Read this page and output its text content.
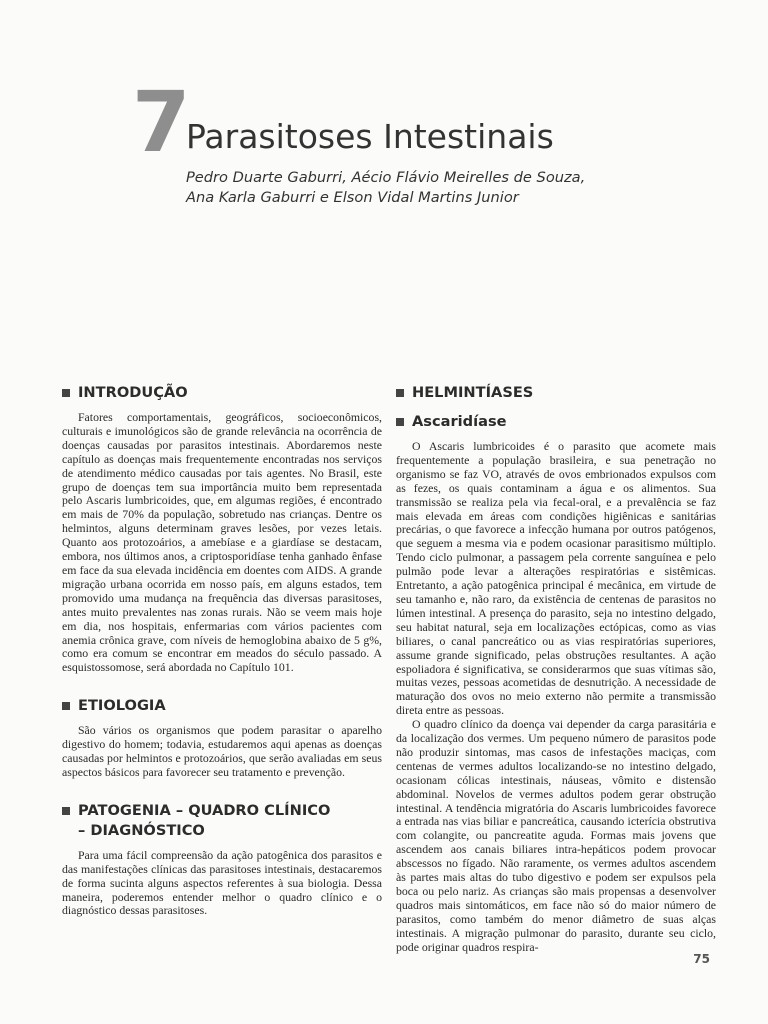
7
Parasitoses Intestinais
Pedro Duarte Gaburri, Aécio Flávio Meirelles de Souza,
Ana Karla Gaburri e Elson Vidal Martins Junior
INTRODUÇÃO

Fatores comportamentais, geográficos, socioeconômicos, culturais e imunológicos são de grande relevância na ocorrência de doenças causadas por parasitos intestinais. Abordaremos neste capítulo as doenças mais frequentemente encontradas nos serviços de atendimento médico causadas por tais agentes. No Brasil, este grupo de doenças tem sua importância muito bem representada pelo Ascaris lumbricoides, que, em algumas regiões, é encontrado em mais de 70% da população, sobretudo nas crianças. Dentre os helmintos, alguns determinam graves lesões, por vezes letais. Quanto aos protozoários, a amebíase e a giardíase se destacam, embora, nos últimos anos, a criptosporidíase tenha ganhado ênfase em face da sua elevada incidência em doentes com AIDS. A grande migração urbana ocorrida em nosso país, em alguns estados, tem promovido uma mudança na frequência das diversas parasitoses, antes muito prevalentes nas zonas rurais. Não se veem mais hoje em dia, nos hospitais, enfermarias com vários pacientes com anemia crônica grave, com níveis de hemoglobina abaixo de 5 g%, como era comum se encontrar em meados do século passado. A esquistossomose, será abordada no Capítulo 101.

ETIOLOGIA

São vários os organismos que podem parasitar o aparelho digestivo do homem; todavia, estudaremos aqui apenas as doenças causadas por helmintos e protozoários, que serão avaliadas em seus aspectos básicos para favorecer seu tratamento e prevenção.

PATOGENIA – QUADRO CLÍNICO
– DIAGNÓSTICO

Para uma fácil compreensão da ação patogênica dos parasitos e das manifestações clínicas das parasitoses intestinais, destacaremos de forma sucinta alguns aspectos referentes à sua biologia. Dessa maneira, poderemos entender melhor o quadro clínico e o diagnóstico dessas parasitoses.

HELMINTÍASES
Ascaridíase

O Ascaris lumbricoides é o parasito que acomete mais frequentemente a população brasileira, e sua penetração no organismo se faz VO, através de ovos embrionados expulsos com as fezes, os quais contaminam a água e os alimentos. Sua transmissão se realiza pela via fecal-oral, e a prevalência se faz mais elevada em áreas com condições higiênicas e sanitárias precárias, o que favorece a infecção humana por outros patógenos, que seguem a mesma via e podem ocasionar parasitismo múltiplo. Tendo ciclo pulmonar, a passagem pela corrente sanguínea e pelo pulmão pode levar a alterações respiratórias e sistêmicas. Entretanto, a ação patogênica principal é mecânica, em virtude de seu tamanho e, não raro, da existência de centenas de parasitos no lúmen intestinal. A presença do parasito, seja no intestino delgado, seu habitat natural, seja em localizações ectópicas, como as vias biliares, o canal pancreático ou as vias respiratórias superiores, assume grande significado, pelas obstruções resultantes. A ação espoliadora é significativa, se considerarmos que suas vítimas são, muitas vezes, pessoas acometidas de desnutrição. A necessidade de maturação dos ovos no meio externo não permite a transmissão direta entre as pessoas.

O quadro clínico da doença vai depender da carga parasitária e da localização dos vermes. Um pequeno número de parasitos pode não produzir sintomas, mas casos de infestações maciças, com centenas de vermes adultos localizando-se no intestino delgado, ocasionam cólicas intestinais, náuseas, vômito e distensão abdominal. Novelos de vermes adultos podem gerar obstrução intestinal. A tendência migratória do Ascaris lumbricoides favorece a entrada nas vias biliar e pancreática, causando icterícia obstrutiva com colangite, ou pancreatite aguda. Formas mais jovens que ascendem aos canais biliares intra-hepáticos podem provocar abscessos no fígado. Não raramente, os vermes adultos ascendem às partes mais altas do tubo digestivo e podem ser expulsos pela boca ou pelo nariz. As crianças são mais propensas a desenvolver quadros mais sintomáticos, em face não só do maior número de parasitos, como também do menor diâmetro de suas alças intestinais. A migração pulmonar do parasito, durante seu ciclo, pode originar quadros respira-

75
